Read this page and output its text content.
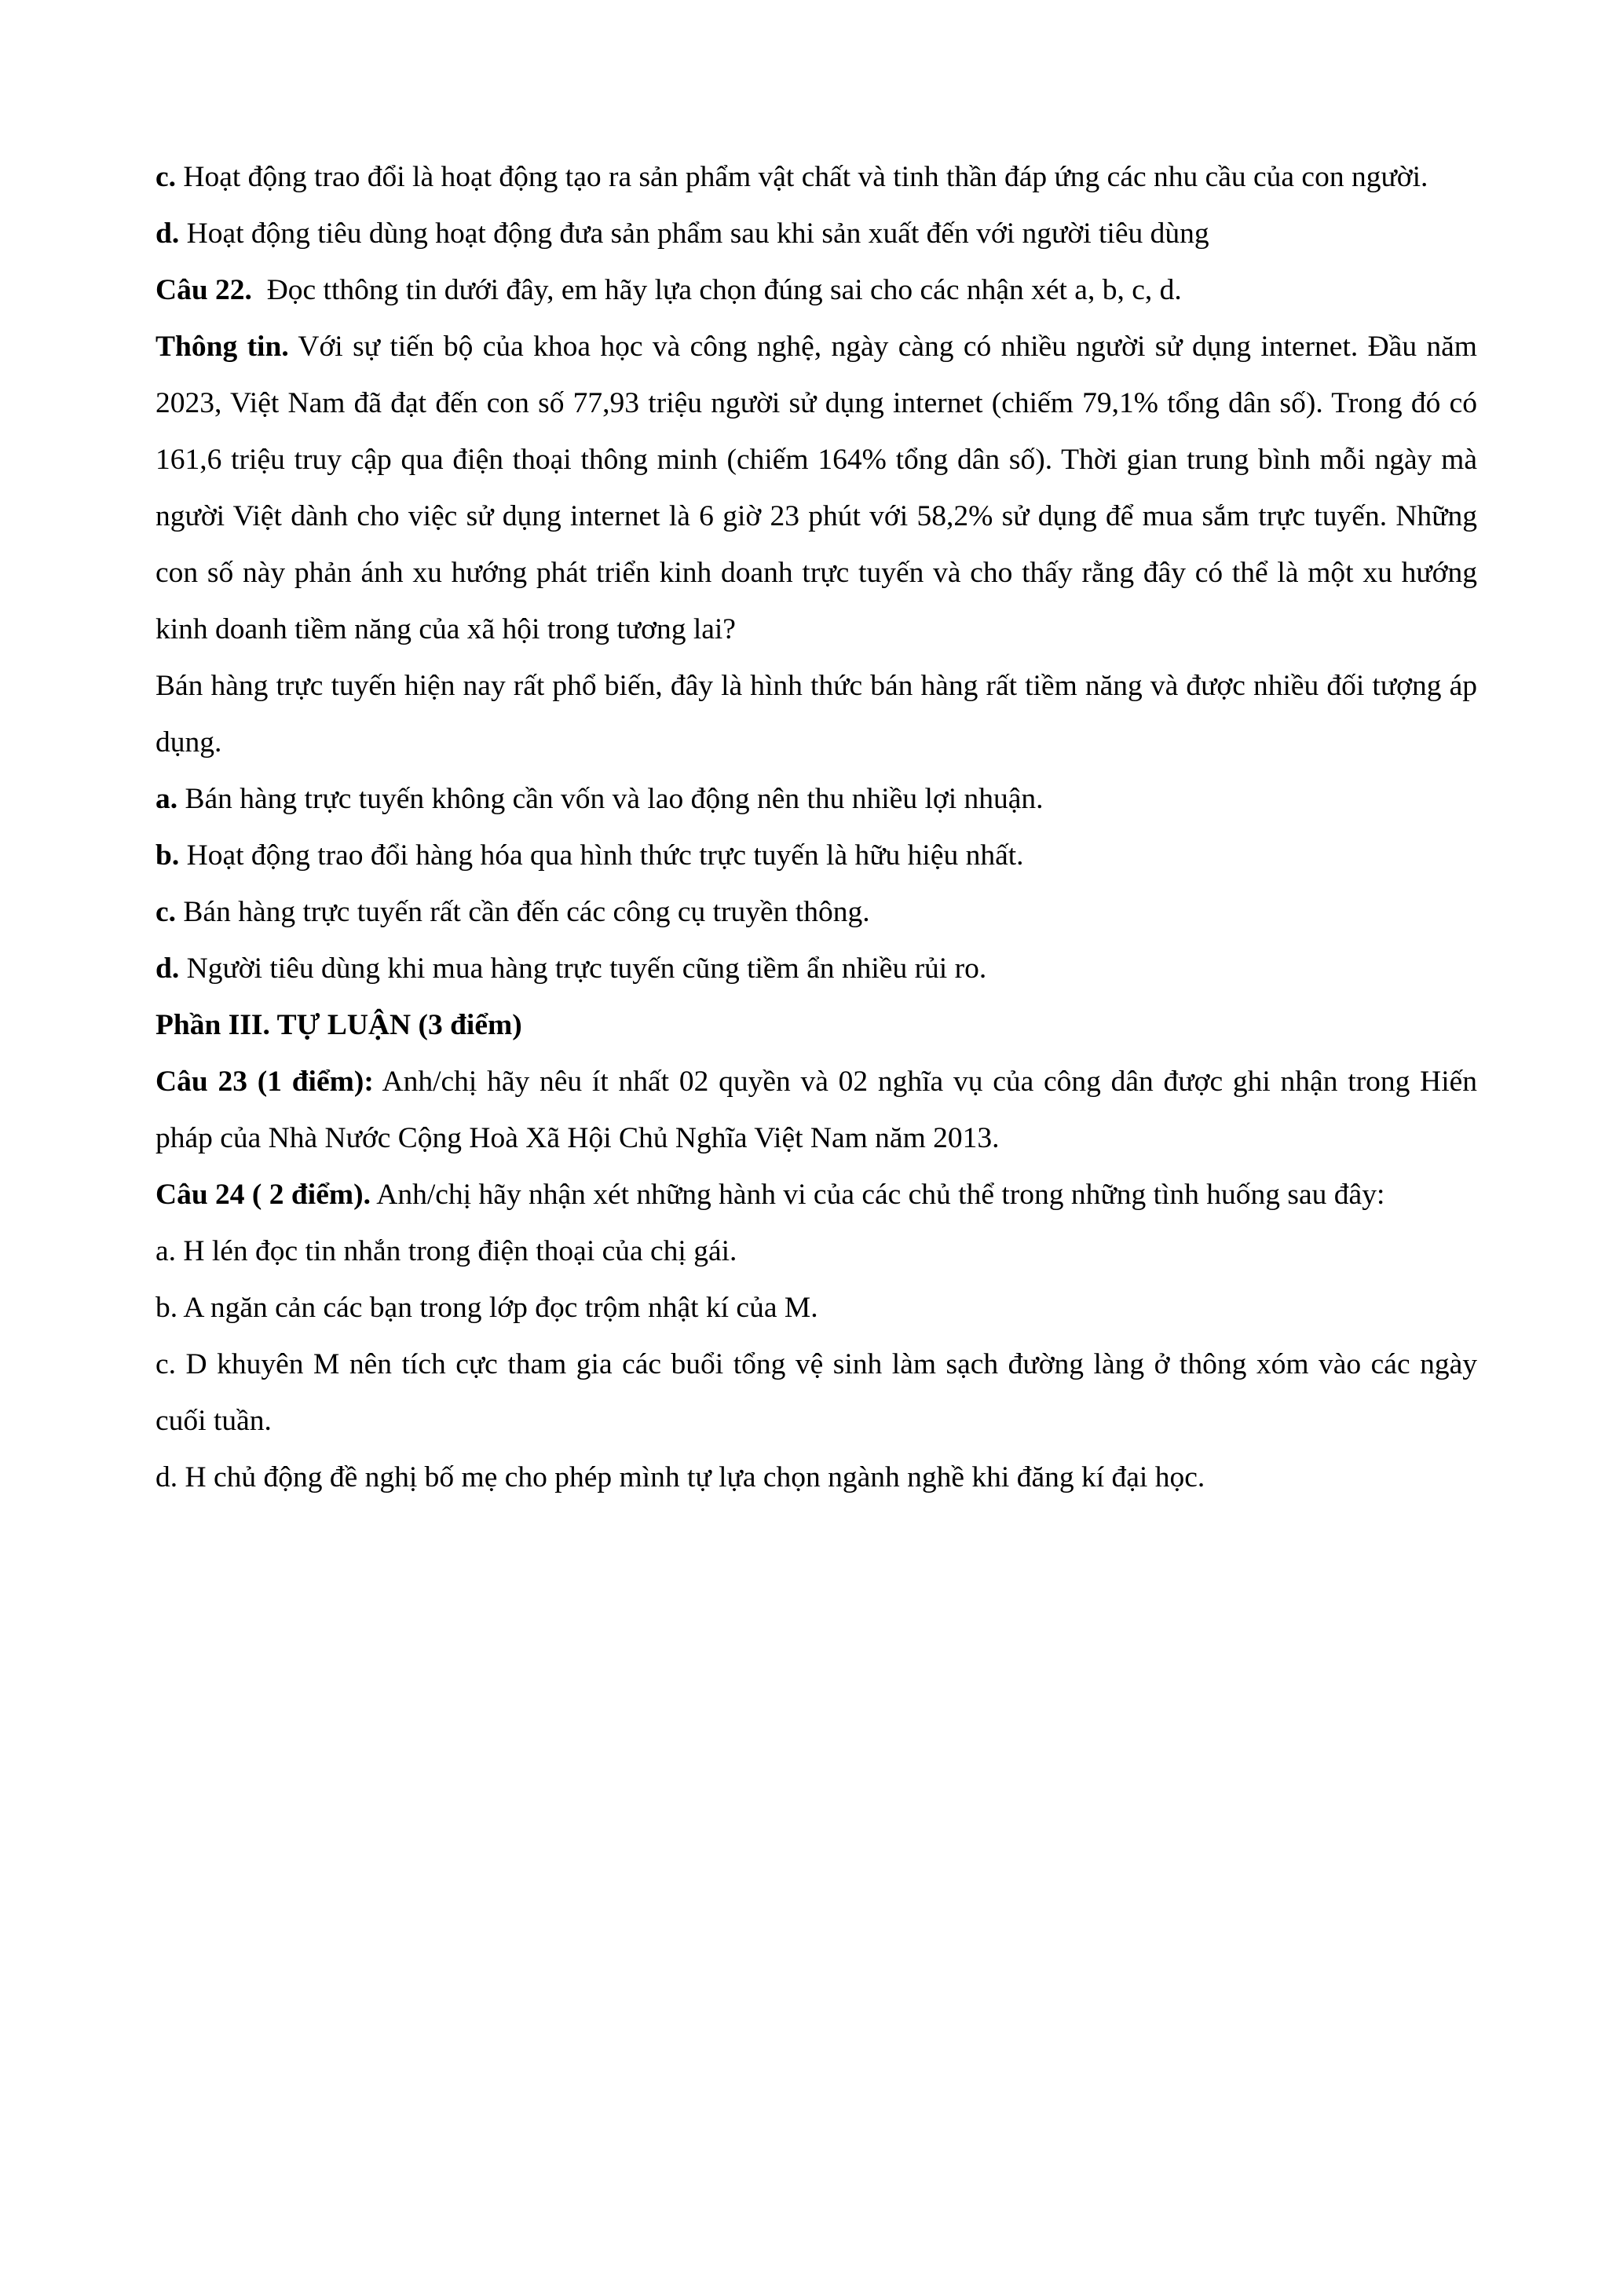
c. Hoạt động trao đổi là hoạt động tạo ra sản phẩm vật chất và tinh thần đáp ứng các nhu cầu của con người.

d. Hoạt động tiêu dùng hoạt động đưa sản phẩm sau khi sản xuất đến với người tiêu dùng

Câu 22.  Đọc tthông tin dưới đây, em hãy lựa chọn đúng sai cho các nhận xét a, b, c, d.

Thông tin. Với sự tiến bộ của khoa học và công nghệ, ngày càng có nhiều người sử dụng internet. Đầu năm 2023, Việt Nam đã đạt đến con số 77,93 triệu người sử dụng internet (chiếm 79,1% tổng dân số). Trong đó có 161,6 triệu truy cập qua điện thoại thông minh (chiếm 164% tổng dân số). Thời gian trung bình mỗi ngày mà người Việt dành cho việc sử dụng internet là 6 giờ 23 phút với 58,2% sử dụng để mua sắm trực tuyến. Những con số này phản ánh xu hướng phát triển kinh doanh trực tuyến và cho thấy rằng đây có thể là một xu hướng kinh doanh tiềm năng của xã hội trong tương lai?

Bán hàng trực tuyến hiện nay rất phổ biến, đây là hình thức bán hàng rất tiềm năng và được nhiều đối tượng áp dụng.

a. Bán hàng trực tuyến không cần vốn và lao động nên thu nhiều lợi nhuận.

b. Hoạt động trao đổi hàng hóa qua hình thức trực tuyến là hữu hiệu nhất.

c. Bán hàng trực tuyến rất cần đến các công cụ truyền thông.

d. Người tiêu dùng khi mua hàng trực tuyến cũng tiềm ẩn nhiều rủi ro.

Phần III. TỰ LUẬN (3 điểm)

Câu 23 (1 điểm): Anh/chị hãy nêu ít nhất 02 quyền và 02 nghĩa vụ của công dân được ghi nhận trong Hiến pháp của Nhà Nước Cộng Hoà Xã Hội Chủ Nghĩa Việt Nam năm 2013.

Câu 24 ( 2 điểm). Anh/chị hãy nhận xét những hành vi của các chủ thể trong những tình huống sau đây:

a. H lén đọc tin nhắn trong điện thoại của chị gái.

b. A ngăn cản các bạn trong lớp đọc trộm nhật kí của M.

c. D khuyên M nên tích cực tham gia các buổi tổng vệ sinh làm sạch đường làng ở thông xóm vào các ngày cuối tuần.

d. H chủ động đề nghị bố mẹ cho phép mình tự lựa chọn ngành nghề khi đăng kí đại học.
